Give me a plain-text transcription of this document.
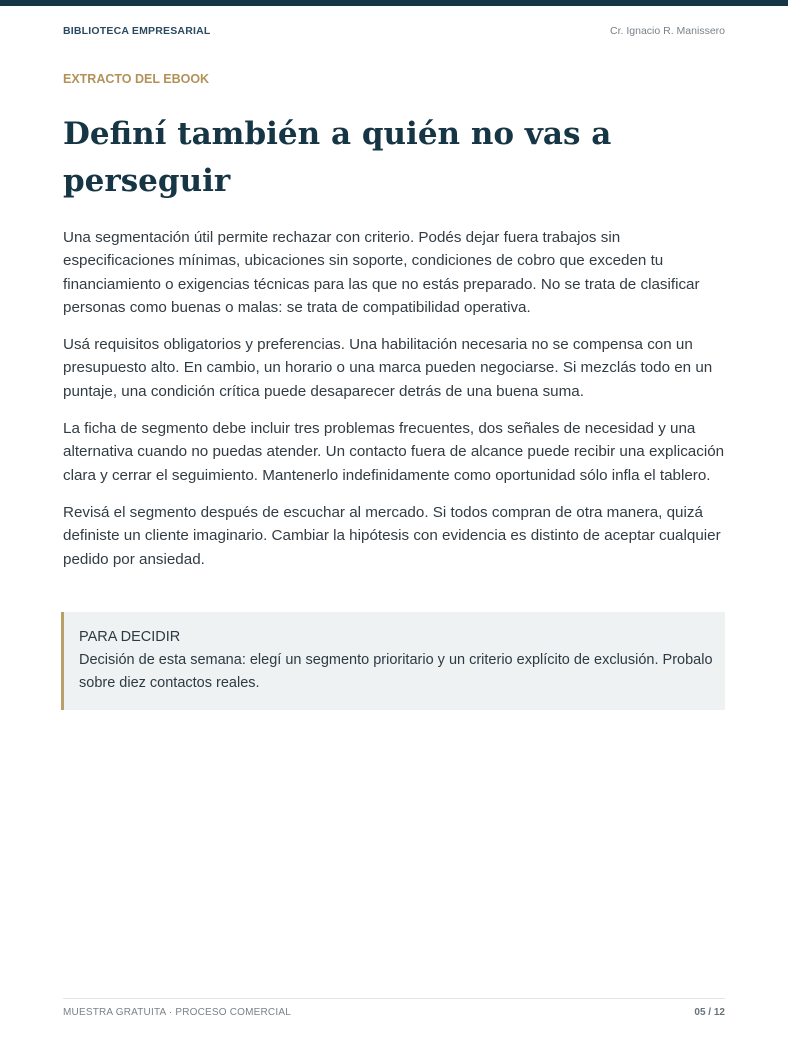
BIBLIOTECA EMPRESARIAL	Cr. Ignacio R. Manissero
EXTRACTO DEL EBOOK
Definí también a quién no vas a perseguir

Una segmentación útil permite rechazar con criterio. Podés dejar fuera trabajos sin especificaciones mínimas, ubicaciones sin soporte, condiciones de cobro que exceden tu financiamiento o exigencias técnicas para las que no estás preparado. No se trata de clasificar personas como buenas o malas: se trata de compatibilidad operativa.

Usá requisitos obligatorios y preferencias. Una habilitación necesaria no se compensa con un presupuesto alto. En cambio, un horario o una marca pueden negociarse. Si mezclás todo en un puntaje, una condición crítica puede desaparecer detrás de una buena suma.

La ficha de segmento debe incluir tres problemas frecuentes, dos señales de necesidad y una alternativa cuando no puedas atender. Un contacto fuera de alcance puede recibir una explicación clara y cerrar el seguimiento. Mantenerlo indefinidamente como oportunidad sólo infla el tablero.

Revisá el segmento después de escuchar al mercado. Si todos compran de otra manera, quizá definiste un cliente imaginario. Cambiar la hipótesis con evidencia es distinto de aceptar cualquier pedido por ansiedad.

PARA DECIDIR
Decisión de esta semana: elegí un segmento prioritario y un criterio explícito de exclusión. Probalo sobre diez contactos reales.
MUESTRA GRATUITA · PROCESO COMERCIAL	05 / 12
